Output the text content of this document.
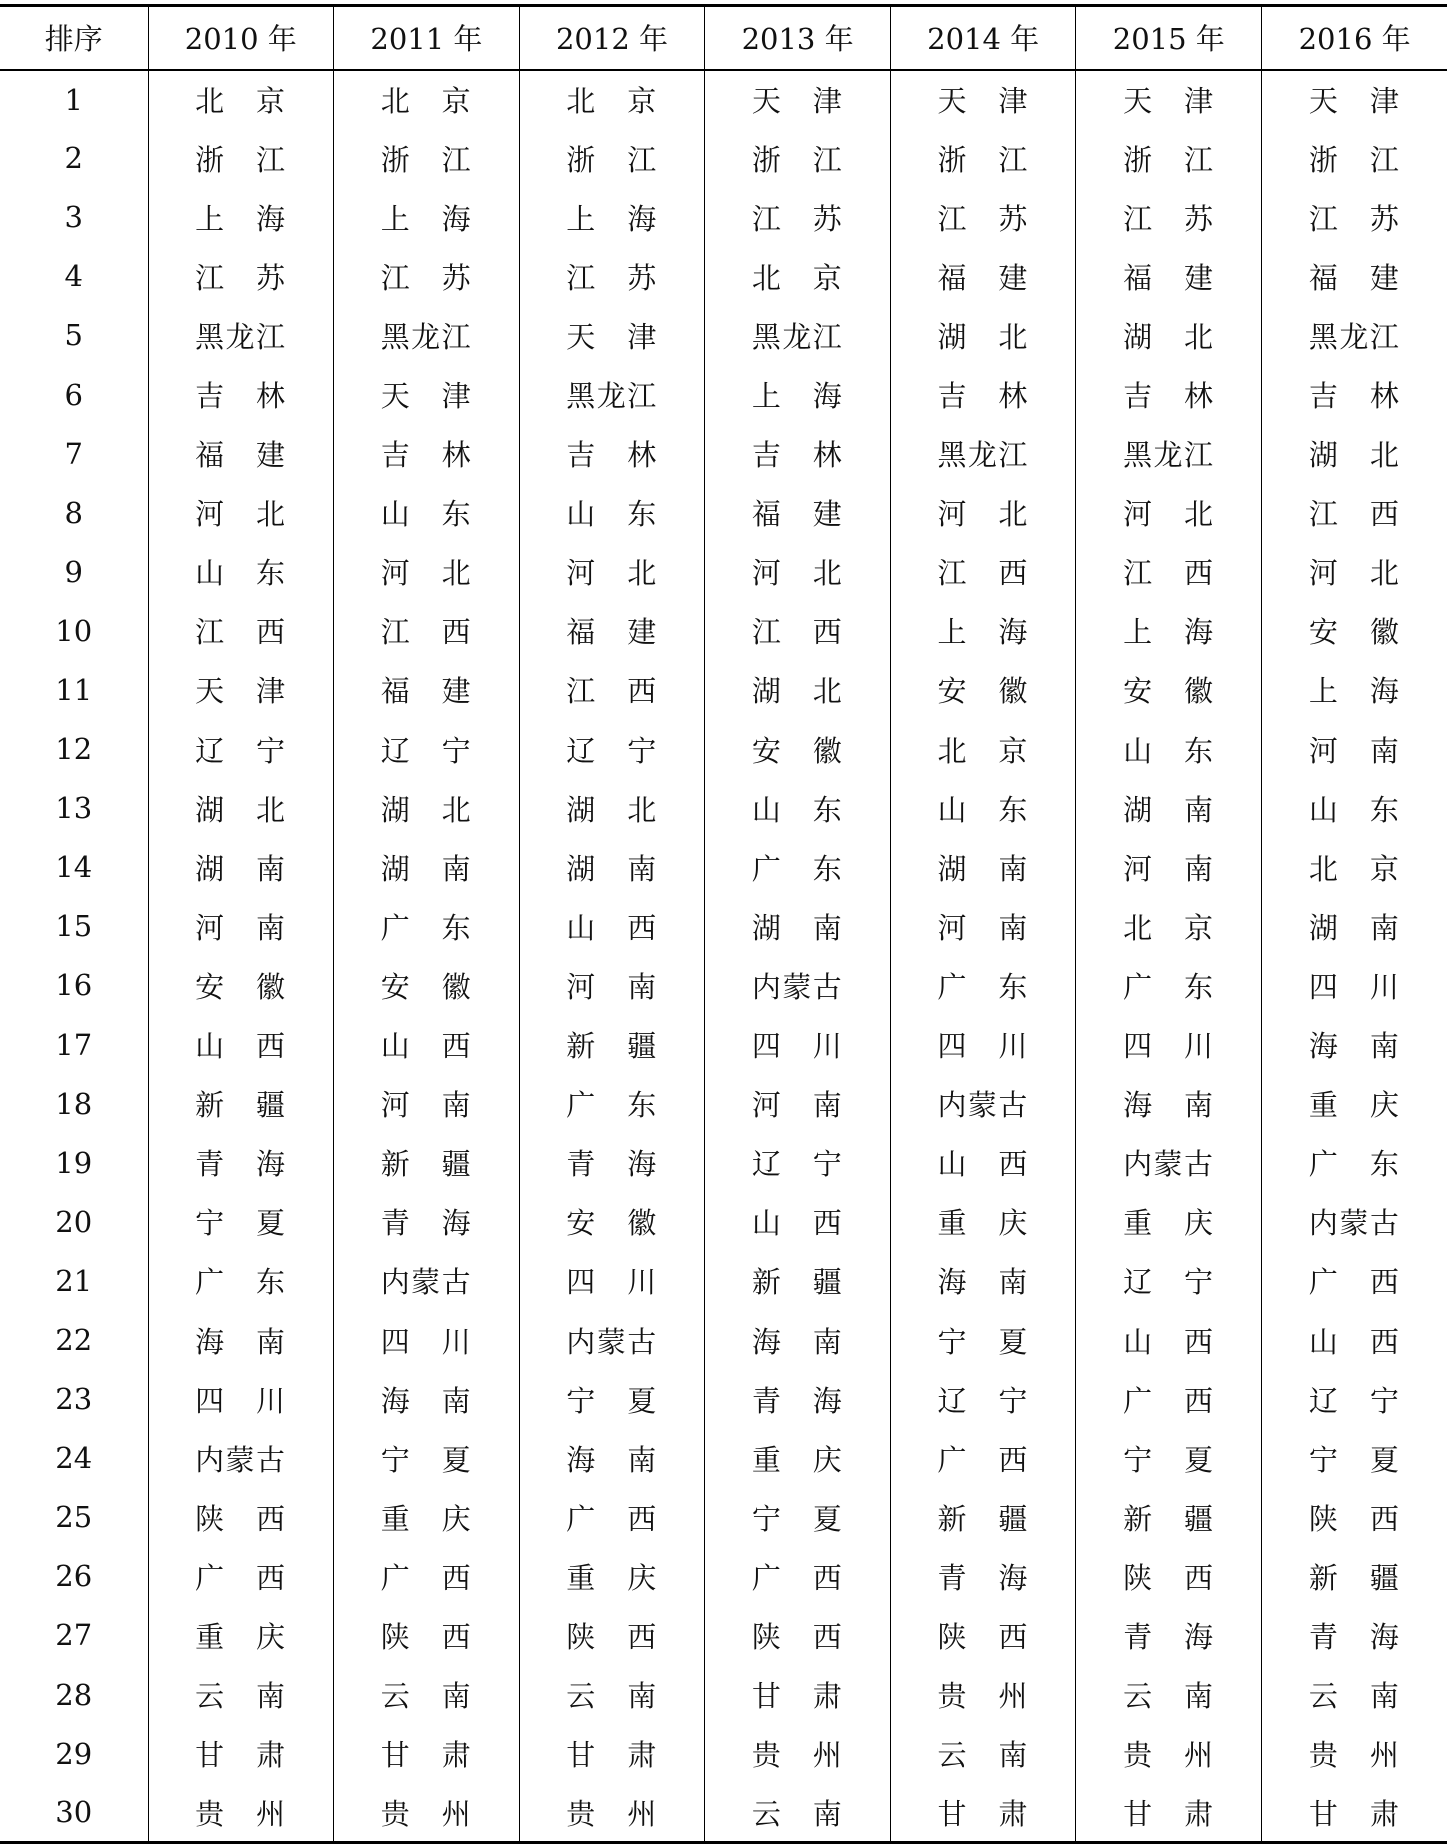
排序	2010 年	2011 年	2012 年	2013 年	2014 年	2015 年	2016 年
1	北　京	北　京	北　京	天　津	天　津	天　津	天　津
2	浙　江	浙　江	浙　江	浙　江	浙　江	浙　江	浙　江
3	上　海	上　海	上　海	江　苏	江　苏	江　苏	江　苏
4	江　苏	江　苏	江　苏	北　京	福　建	福　建	福　建
5	黑龙江	黑龙江	天　津	黑龙江	湖　北	湖　北	黑龙江
6	吉　林	天　津	黑龙江	上　海	吉　林	吉　林	吉　林
7	福　建	吉　林	吉　林	吉　林	黑龙江	黑龙江	湖　北
8	河　北	山　东	山　东	福　建	河　北	河　北	江　西
9	山　东	河　北	河　北	河　北	江　西	江　西	河　北
10	江　西	江　西	福　建	江　西	上　海	上　海	安　徽
11	天　津	福　建	江　西	湖　北	安　徽	安　徽	上　海
12	辽　宁	辽　宁	辽　宁	安　徽	北　京	山　东	河　南
13	湖　北	湖　北	湖　北	山　东	山　东	湖　南	山　东
14	湖　南	湖　南	湖　南	广　东	湖　南	河　南	北　京
15	河　南	广　东	山　西	湖　南	河　南	北　京	湖　南
16	安　徽	安　徽	河　南	内蒙古	广　东	广　东	四　川
17	山　西	山　西	新　疆	四　川	四　川	四　川	海　南
18	新　疆	河　南	广　东	河　南	内蒙古	海　南	重　庆
19	青　海	新　疆	青　海	辽　宁	山　西	内蒙古	广　东
20	宁　夏	青　海	安　徽	山　西	重　庆	重　庆	内蒙古
21	广　东	内蒙古	四　川	新　疆	海　南	辽　宁	广　西
22	海　南	四　川	内蒙古	海　南	宁　夏	山　西	山　西
23	四　川	海　南	宁　夏	青　海	辽　宁	广　西	辽　宁
24	内蒙古	宁　夏	海　南	重　庆	广　西	宁　夏	宁　夏
25	陕　西	重　庆	广　西	宁　夏	新　疆	新　疆	陕　西
26	广　西	广　西	重　庆	广　西	青　海	陕　西	新　疆
27	重　庆	陕　西	陕　西	陕　西	陕　西	青　海	青　海
28	云　南	云　南	云　南	甘　肃	贵　州	云　南	云　南
29	甘　肃	甘　肃	甘　肃	贵　州	云　南	贵　州	贵　州
30	贵　州	贵　州	贵　州	云　南	甘　肃	甘　肃	甘　肃
